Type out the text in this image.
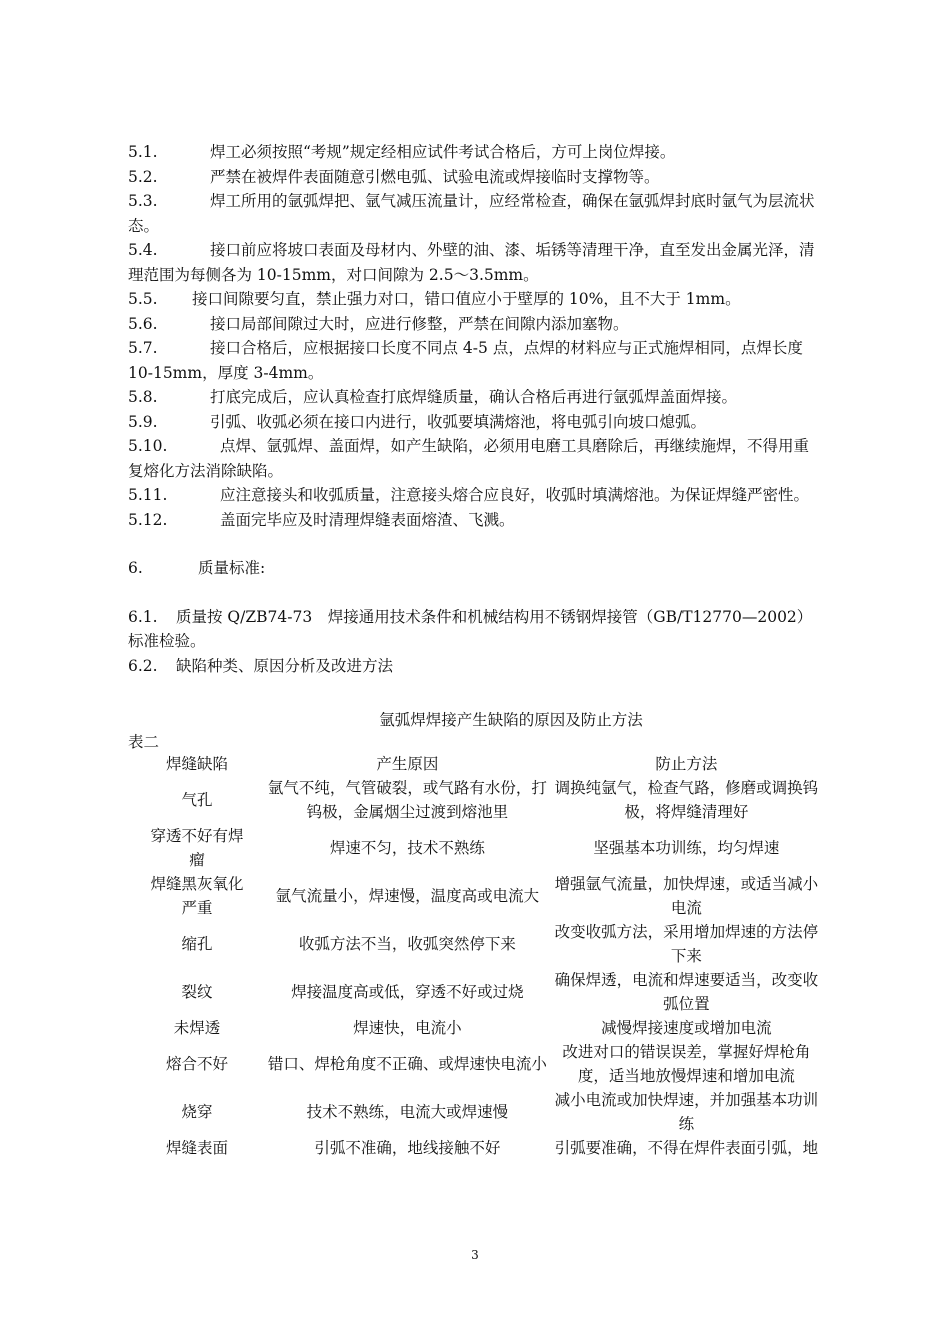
5.1.	焊工必须按照“考规”规定经相应试件考试合格后，方可上岗位焊接。

5.2.	严禁在被焊件表面随意引燃电弧、试验电流或焊接临时支撑物等。

5.3.	焊工所用的氩弧焊把、氩气减压流量计，应经常检查，确保在氩弧焊封底时氩气为层流状态。

5.4.	接口前应将坡口表面及母材内、外壁的油、漆、垢锈等清理干净，直至发出金属光泽，清理范围为每侧各为 10-15mm，对口间隙为 2.5～3.5mm。

5.5. 接口间隙要匀直，禁止强力对口，错口值应小于壁厚的 10%，且不大于 1mm。

5.6.	接口局部间隙过大时，应进行修整，严禁在间隙内添加塞物。

5.7.	接口合格后，应根据接口长度不同点 4-5 点，点焊的材料应与正式施焊相同，点焊长度 10-15mm，厚度 3-4mm。

5.8.	打底完成后，应认真检查打底焊缝质量，确认合格后再进行氩弧焊盖面焊接。

5.9.	引弧、收弧必须在接口内进行，收弧要填满熔池，将电弧引向坡口熄弧。

5.10.	点焊、氩弧焊、盖面焊，如产生缺陷，必须用电磨工具磨除后，再继续施焊，不得用重复熔化方法消除缺陷。

5.11.	应注意接头和收弧质量，注意接头熔合应良好，收弧时填满熔池。为保证焊缝严密性。

5.12.	盖面完毕应及时清理焊缝表面熔渣、飞溅。

6.	质量标准:

6.1. 质量按 Q/ZB74-73　焊接通用技术条件和机械结构用不锈钢焊接管（GB/T12770—2002）标准检验。

6.2. 缺陷种类、原因分析及改进方法

氩弧焊焊接产生缺陷的原因及防止方法
表二
焊缝缺陷	产生原因	防止方法
气孔	氩气不纯，气管破裂，或气路有水份，打钨极，金属烟尘过渡到熔池里	调换纯氩气，检查气路，修磨或调换钨极，将焊缝清理好
穿透不好有焊瘤	焊速不匀，技术不熟练	坚强基本功训练，均匀焊速
焊缝黑灰氧化严重	氩气流量小，焊速慢，温度高或电流大	增强氩气流量，加快焊速，或适当减小电流
缩孔	收弧方法不当，收弧突然停下来	改变收弧方法，采用增加焊速的方法停下来
裂纹	焊接温度高或低，穿透不好或过烧	确保焊透，电流和焊速要适当，改变收弧位置
未焊透	焊速快，电流小	减慢焊接速度或增加电流
熔合不好	错口、焊枪角度不正确、或焊速快电流小	改进对口的错误误差，掌握好焊枪角度，适当地放慢焊速和增加电流
烧穿	技术不熟练，电流大或焊速慢	减小电流或加快焊速，并加强基本功训练
焊缝表面	引弧不准确，地线接触不好	引弧要准确，不得在焊件表面引弧，地
3
